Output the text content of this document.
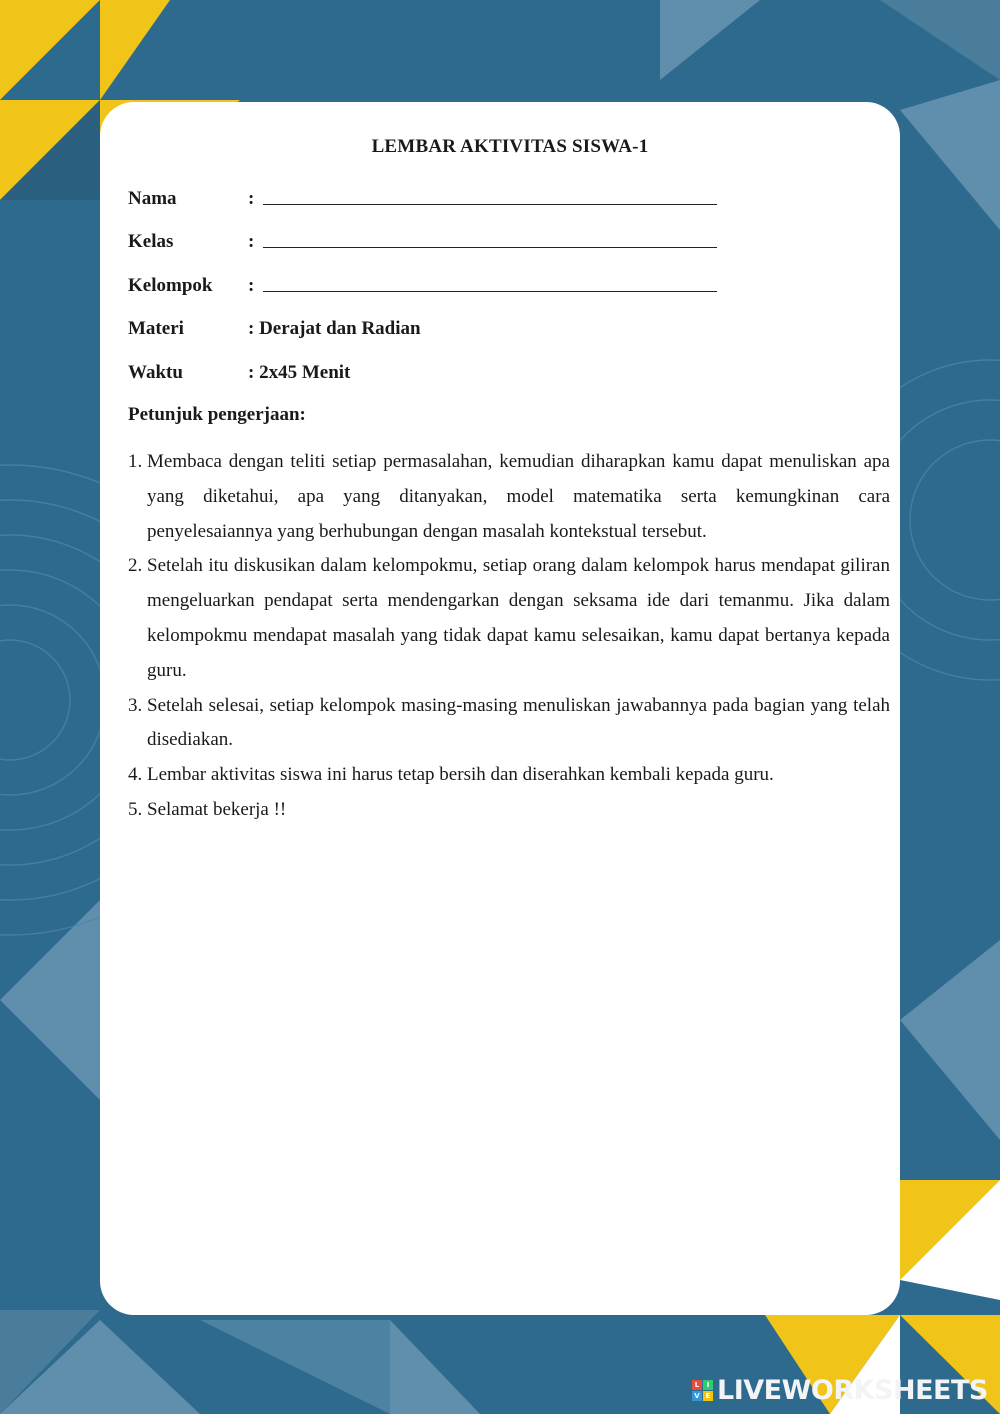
LEMBAR AKTIVITAS SISWA-1
Nama	:
Kelas	:
Kelompok	:
Materi	: Derajat dan Radian
Waktu	: 2x45 Menit
Petunjuk pengerjaan:
1. Membaca dengan teliti setiap permasalahan, kemudian diharapkan kamu dapat menuliskan apa yang diketahui, apa yang ditanyakan, model matematika serta kemungkinan cara penyelesaiannya yang berhubungan dengan masalah kontekstual tersebut.
2. Setelah itu diskusikan dalam kelompokmu, setiap orang dalam kelompok harus mendapat giliran mengeluarkan pendapat serta mendengarkan dengan seksama ide dari temanmu. Jika dalam kelompokmu mendapat masalah yang tidak dapat kamu selesaikan, kamu dapat bertanya kepada guru.
3. Setelah selesai, setiap kelompok masing-masing menuliskan jawabannya pada bagian yang telah disediakan.
4. Lembar aktivitas siswa ini harus tetap bersih dan diserahkan kembali kepada guru.
5. Selamat bekerja !!
L	I
V E LIVEWORKSHEETS
